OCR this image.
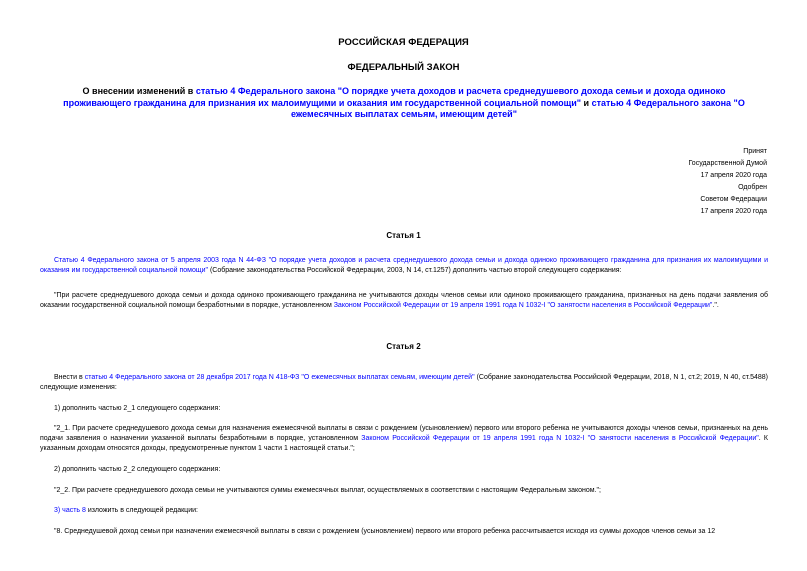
РОССИЙСКАЯ ФЕДЕРАЦИЯ
ФЕДЕРАЛЬНЫЙ ЗАКОН
О внесении изменений в статью 4 Федерального закона "О порядке учета доходов и расчета среднедушевого дохода семьи и дохода одиноко проживающего гражданина для признания их малоимущими и оказания им государственной социальной помощи" и статью 4 Федерального закона "О ежемесячных выплатах семьям, имеющим детей"
Принят
Государственной Думой
17 апреля 2020 года
Одобрен
Советом Федерации
17 апреля 2020 года
Статья 1
Статью 4 Федерального закона от 5 апреля 2003 года N 44-ФЗ "О порядке учета доходов и расчета среднедушевого дохода семьи и дохода одиноко проживающего гражданина для признания их малоимущими и оказания им государственной социальной помощи" (Собрание законодательства Российской Федерации, 2003, N 14, ст.1257) дополнить частью второй следующего содержания:
"При расчете среднедушевого дохода семьи и дохода одиноко проживающего гражданина не учитываются доходы членов семьи или одиноко проживающего гражданина, признанных на день подачи заявления об оказании государственной социальной помощи безработными в порядке, установленном Законом Российской Федерации от 19 апреля 1991 года N 1032-I "О занятости населения в Российской Федерации".".
Статья 2
Внести в статью 4 Федерального закона от 28 декабря 2017 года N 418-ФЗ "О ежемесячных выплатах семьям, имеющим детей" (Собрание законодательства Российской Федерации, 2018, N 1, ст.2; 2019, N 40, ст.5488) следующие изменения:
1) дополнить частью 2_1 следующего содержания:
"2_1. При расчете среднедушевого дохода семьи для назначения ежемесячной выплаты в связи с рождением (усыновлением) первого или второго ребенка не учитываются доходы членов семьи, признанных на день подачи заявления о назначении указанной выплаты безработными в порядке, установленном Законом Российской Федерации от 19 апреля 1991 года N 1032-I "О занятости населения в Российской Федерации". К указанным доходам относятся доходы, предусмотренные пунктом 1 части 1 настоящей статьи.";
2) дополнить частью 2_2 следующего содержания:
"2_2. При расчете среднедушевого дохода семьи не учитываются суммы ежемесячных выплат, осуществляемых в соответствии с настоящим Федеральным законом.";
3) часть 8 изложить в следующей редакции:
"8. Среднедушевой доход семьи при назначении ежемесячной выплаты в связи с рождением (усыновлением) первого или второго ребенка рассчитывается исходя из суммы доходов членов семьи за 12
